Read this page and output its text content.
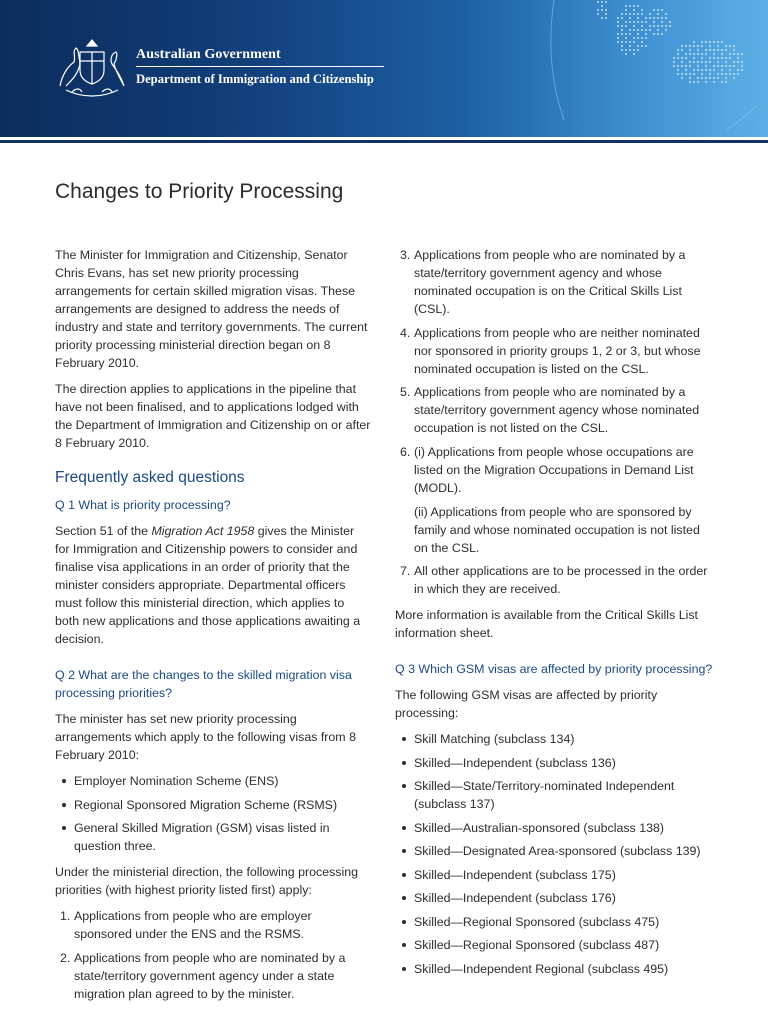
Australian Government
Department of Immigration and Citizenship
Changes to Priority Processing

The Minister for Immigration and Citizenship, Senator Chris Evans, has set new priority processing arrangements for certain skilled migration visas. These arrangements are designed to address the needs of industry and state and territory governments. The current priority processing ministerial direction began on 8 February 2010.

The direction applies to applications in the pipeline that have not been finalised, and to applications lodged with the Department of Immigration and Citizenship on or after 8 February 2010.

Frequently asked questions
Q 1 What is priority processing?

Section 51 of the Migration Act 1958 gives the Minister for Immigration and Citizenship powers to consider and finalise visa applications in an order of priority that the minister considers appropriate. Departmental officers must follow this ministerial direction, which applies to both new applications and those applications awaiting a decision.

Q 2 What are the changes to the skilled migration visa processing priorities?

The minister has set new priority processing arrangements which apply to the following visas from 8 February 2010:

Employer Nomination Scheme (ENS)
Regional Sponsored Migration Scheme (RSMS)
General Skilled Migration (GSM) visas listed in question three.

Under the ministerial direction, the following processing priorities (with highest priority listed first) apply:

1. Applications from people who are employer sponsored under the ENS and the RSMS.
2. Applications from people who are nominated by a state/territory government agency under a state migration plan agreed to by the minister.
3. Applications from people who are nominated by a state/territory government agency and whose nominated occupation is on the Critical Skills List (CSL).
4. Applications from people who are neither nominated nor sponsored in priority groups 1, 2 or 3, but whose nominated occupation is listed on the CSL.
5. Applications from people who are nominated by a state/territory government agency whose nominated occupation is not listed on the CSL.
6. (i) Applications from people whose occupations are listed on the Migration Occupations in Demand List (MODL).
(ii) Applications from people who are sponsored by family and whose nominated occupation is not listed on the CSL.
7. All other applications are to be processed in the order in which they are received.

More information is available from the Critical Skills List information sheet.

Q 3 Which GSM visas are affected by priority processing?

The following GSM visas are affected by priority processing:

Skill Matching (subclass 134)
Skilled—Independent (subclass 136)
Skilled—State/Territory-nominated Independent (subclass 137)
Skilled—Australian-sponsored (subclass 138)
Skilled—Designated Area-sponsored (subclass 139)
Skilled—Independent (subclass 175)
Skilled—Independent (subclass 176)
Skilled—Regional Sponsored (subclass 475)
Skilled—Regional Sponsored (subclass 487)
Skilled—Independent Regional (subclass 495)
